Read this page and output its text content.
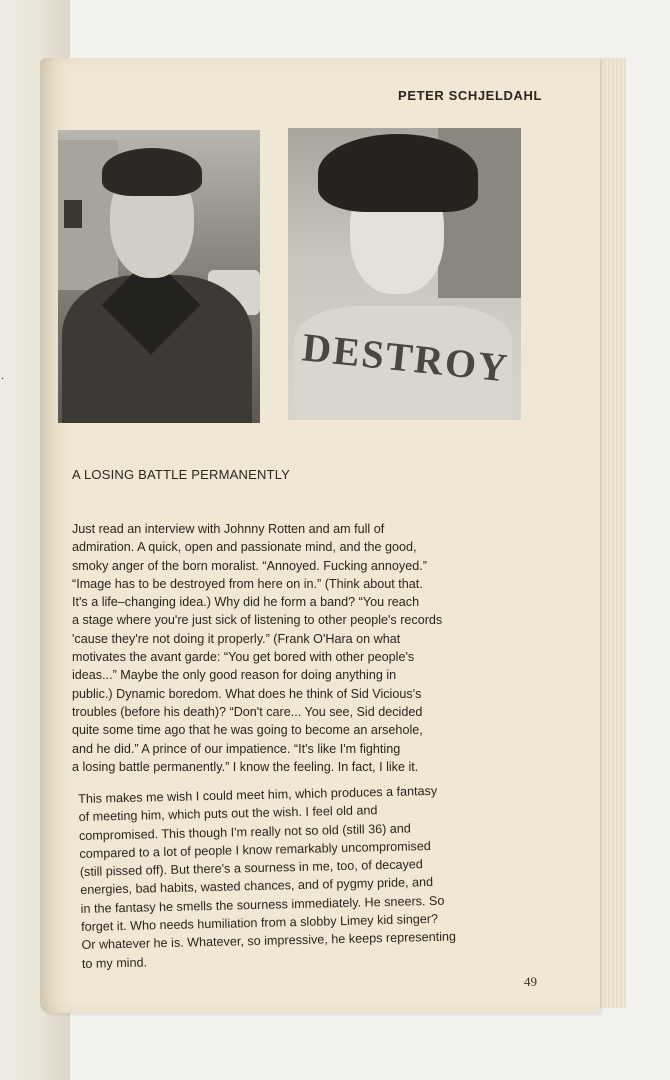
.
PETER SCHJELDAHL
DESTROY
A LOSING BATTLE PERMANENTLY
Just read an interview with Johnny Rotten and am full of
admiration. A quick, open and passionate mind, and the good,
smoky anger of the born moralist. “Annoyed. Fucking annoyed.”
“Image has to be destroyed from here on in.” (Think about that.
It's a life–changing idea.) Why did he form a band? “You reach
a stage where you're just sick of listening to other people's records
'cause they're not doing it properly.” (Frank O'Hara on what
motivates the avant garde: “You get bored with other people's
ideas...” Maybe the only good reason for doing anything in
public.) Dynamic boredom. What does he think of Sid Vicious's
troubles (before his death)? “Don't care... You see, Sid decided
quite some time ago that he was going to become an arsehole,
and he did.” A prince of our impatience. “It's like I'm fighting
a losing battle permanently.” I know the feeling. In fact, I like it.
This makes me wish I could meet him, which produces a fantasy
of meeting him, which puts out the wish. I feel old and
compromised. This though I'm really not so old (still 36) and
compared to a lot of people I know remarkably uncompromised
(still pissed off). But there's a sourness in me, too, of decayed
energies, bad habits, wasted chances, and of pygmy pride, and
in the fantasy he smells the sourness immediately. He sneers. So
forget it. Who needs humiliation from a slobby Limey kid singer?
Or whatever he is. Whatever, so impressive, he keeps representing
to my mind.
49
